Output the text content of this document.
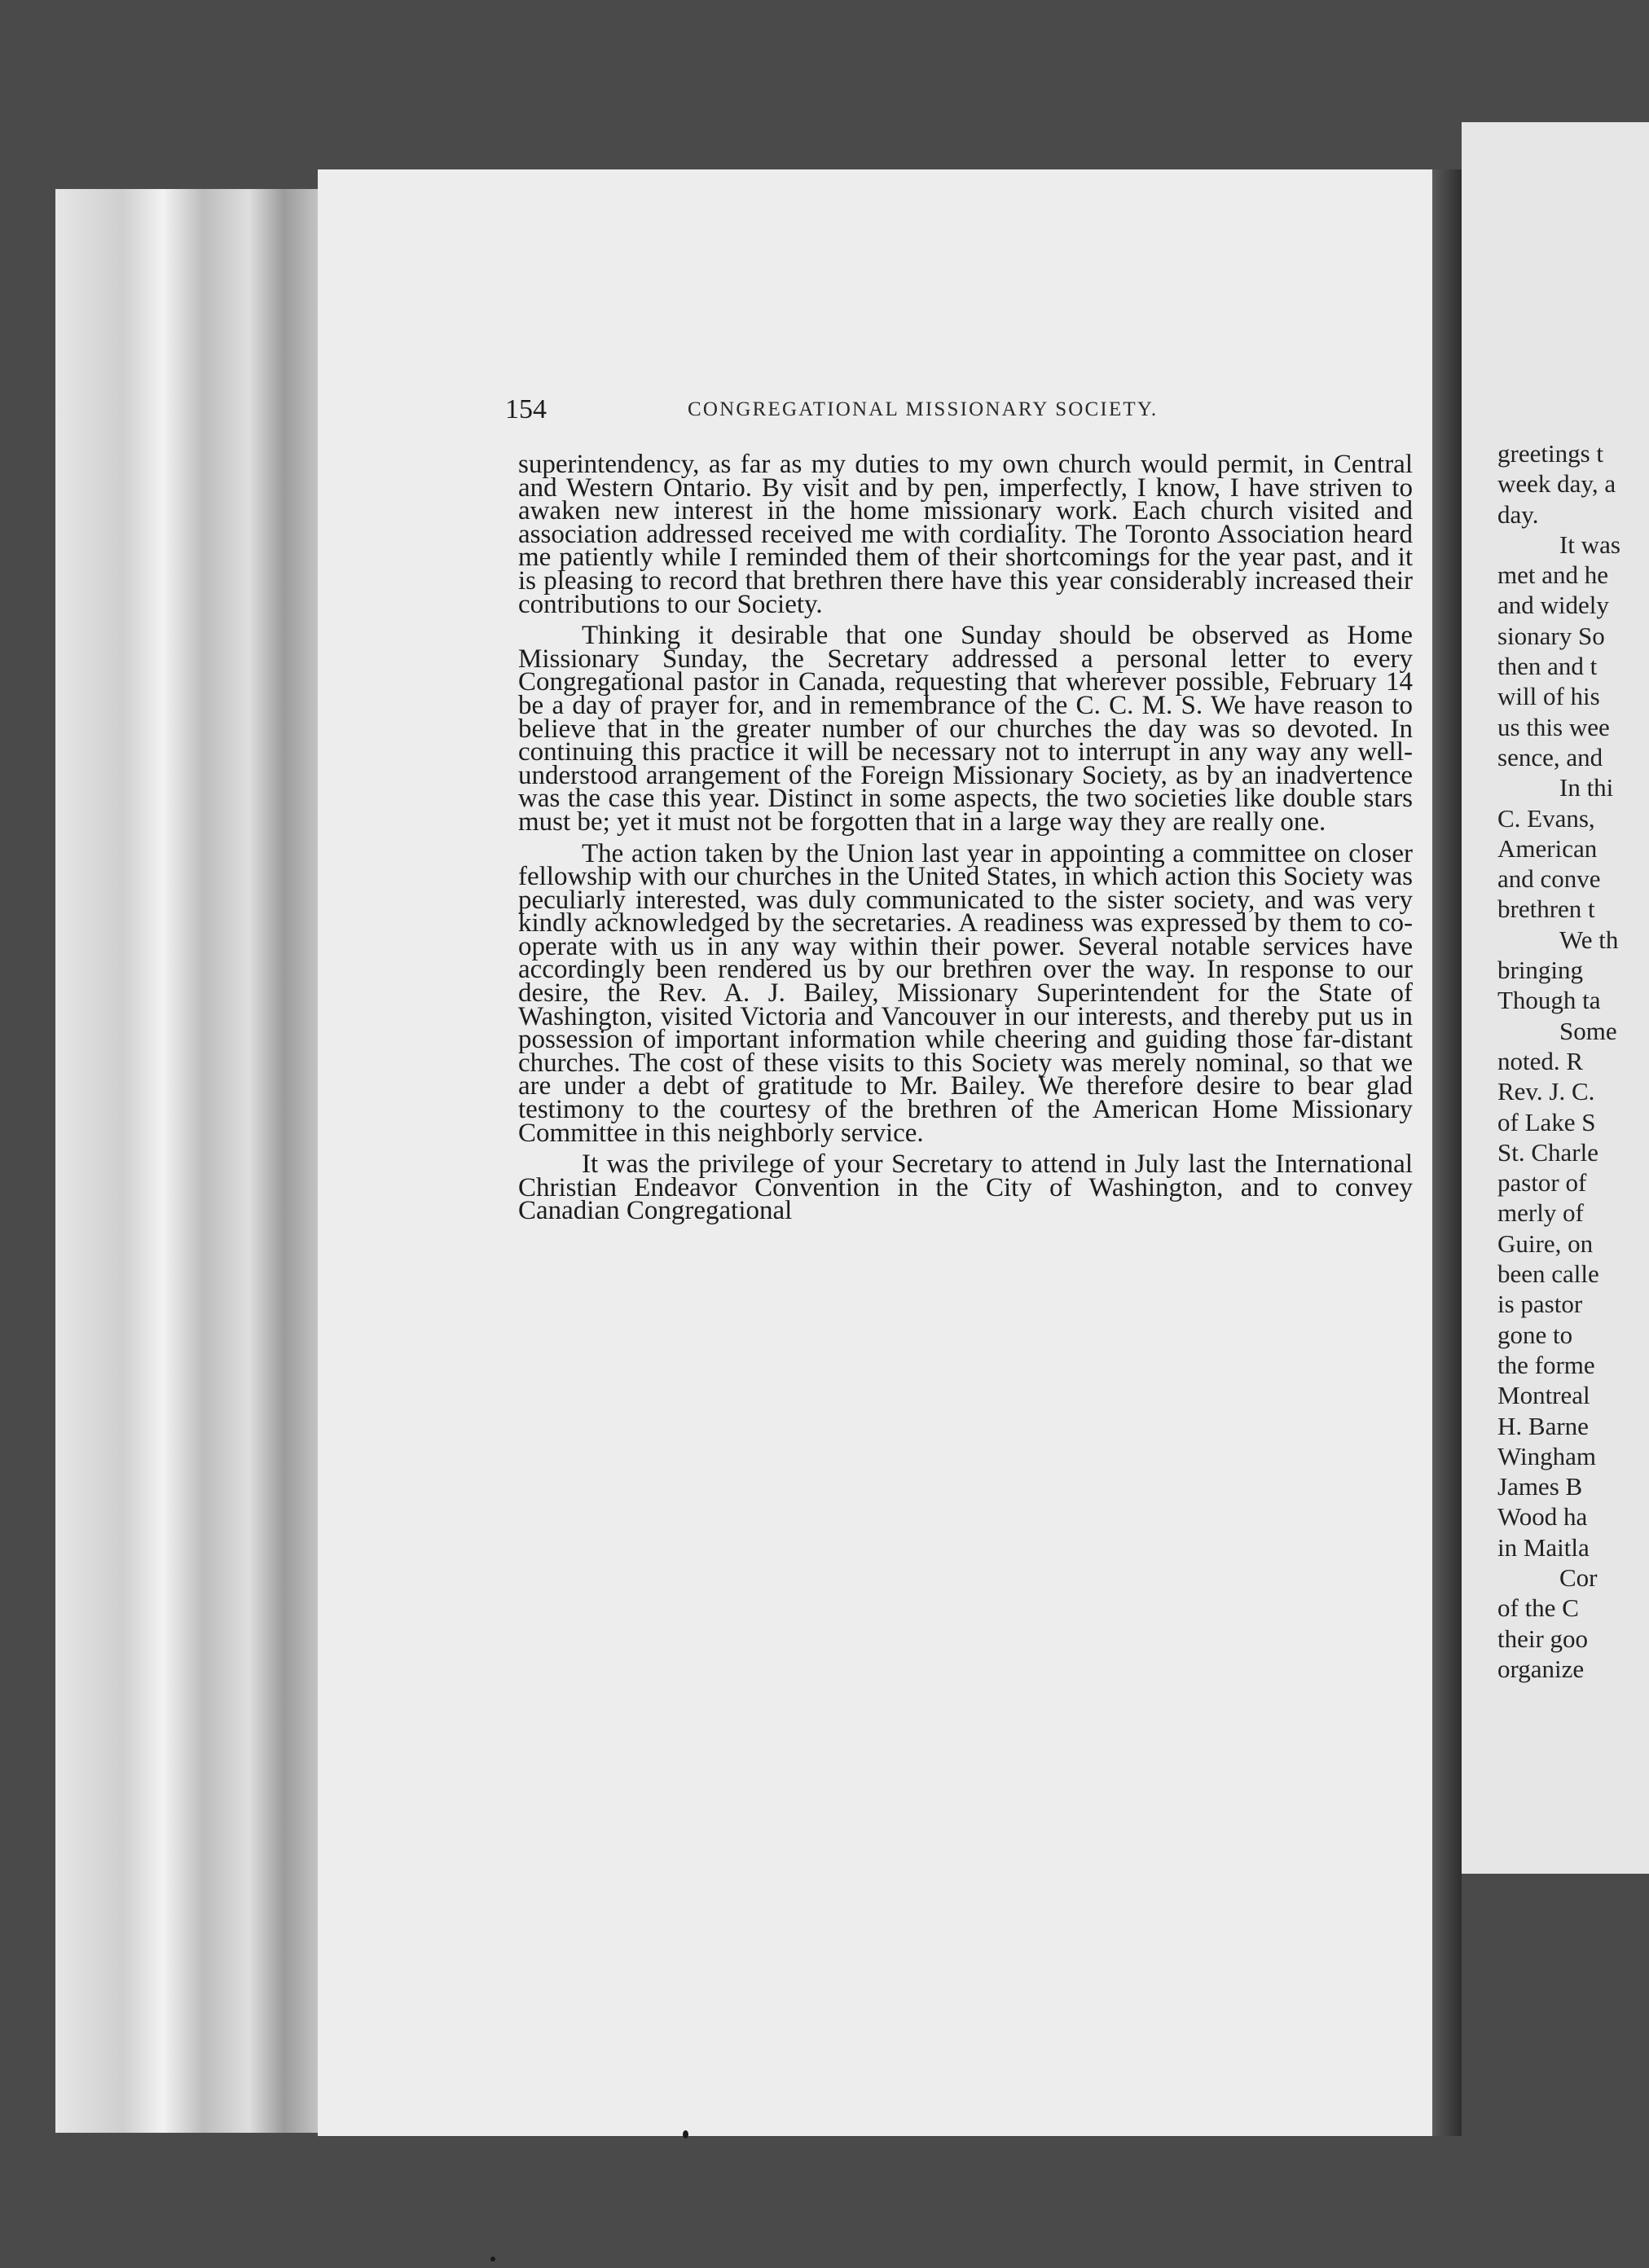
greetings t
week day, a
day.
It was
met and he
and widely
sionary So
then and t
will of his
us this wee
sence, and
In thi
C. Evans,
American
and conve
brethren t
We th
bringing
Though ta
Some
noted. R
Rev. J. C.
of Lake S
St. Charle
pastor of
merly of
Guire, on
been calle
is pastor
gone to
the forme
Montreal
H. Barne
Wingham
James B
Wood ha
in Maitla
Cor
of the C
their goo
organize
154	CONGREGATIONAL MISSIONARY SOCIETY.

superintendency, as far as my duties to my own church would permit, in Central and Western Ontario. By visit and by pen, imperfectly, I know, I have striven to awaken new interest in the home missionary work. Each church visited and association addressed received me with cordiality. The Toronto Association heard me patiently while I reminded them of their shortcomings for the year past, and it is pleasing to record that brethren there have this year considerably increased their contributions to our Society.

Thinking it desirable that one Sunday should be observed as Home Missionary Sunday, the Secretary addressed a personal letter to every Congregational pastor in Canada, requesting that wherever possible, February 14 be a day of prayer for, and in remembrance of the C. C. M. S. We have reason to believe that in the greater number of our churches the day was so devoted. In continuing this practice it will be necessary not to interrupt in any way any well-understood arrangement of the Foreign Missionary Society, as by an inadvertence was the case this year. Distinct in some aspects, the two societies like double stars must be; yet it must not be forgotten that in a large way they are really one.

The action taken by the Union last year in appointing a committee on closer fellowship with our churches in the United States, in which action this Society was peculiarly interested, was duly communicated to the sister society, and was very kindly acknowledged by the secretaries. A readiness was expressed by them to co-operate with us in any way within their power. Several notable services have accordingly been rendered us by our brethren over the way. In response to our desire, the Rev. A. J. Bailey, Missionary Superintendent for the State of Washington, visited Victoria and Vancouver in our interests, and thereby put us in possession of important information while cheering and guiding those far-distant churches. The cost of these visits to this Society was merely nominal, so that we are under a debt of gratitude to Mr. Bailey. We therefore desire to bear glad testimony to the courtesy of the brethren of the American Home Missionary Committee in this neighborly service.

It was the privilege of your Secretary to attend in July last the International Christian Endeavor Convention in the City of Washington, and to convey Canadian Congregational
